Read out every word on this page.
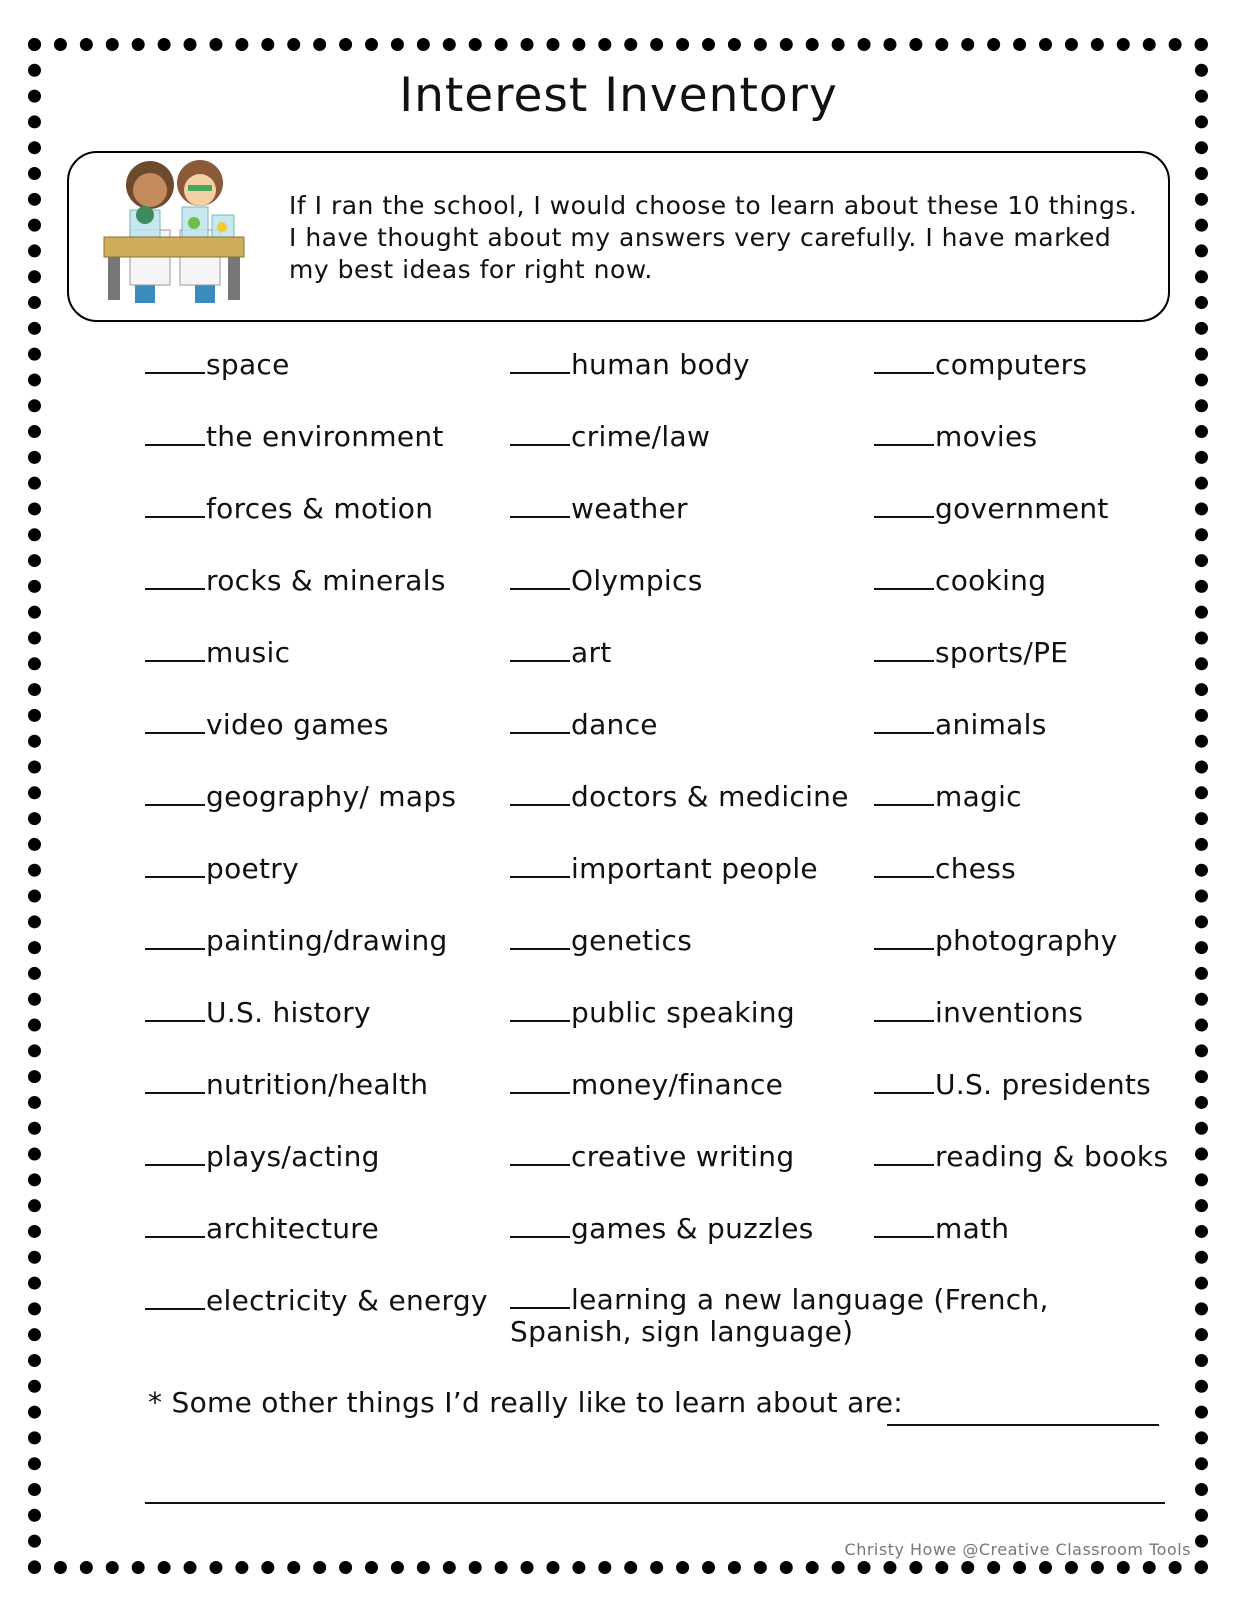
Interest Inventory
If I ran the school, I would choose to learn about these 10 things. I have thought about my answers very carefully. I have marked my best ideas for right now.
space
the environment
forces & motion
rocks & minerals
music
video games
geography/ maps
poetry
painting/drawing
U.S. history
nutrition/health
plays/acting
architecture
electricity & energy
human body
crime/law
weather
Olympics
art
dance
doctors & medicine
important people
genetics
public speaking
money/finance
creative writing
games & puzzles
learning a new language (French, Spanish, sign language)
computers
movies
government
cooking
sports/PE
animals
magic
chess
photography
inventions
U.S. presidents
reading & books
math
* Some other things I’d really like to learn about are:
Christy Howe @Creative Classroom Tools
